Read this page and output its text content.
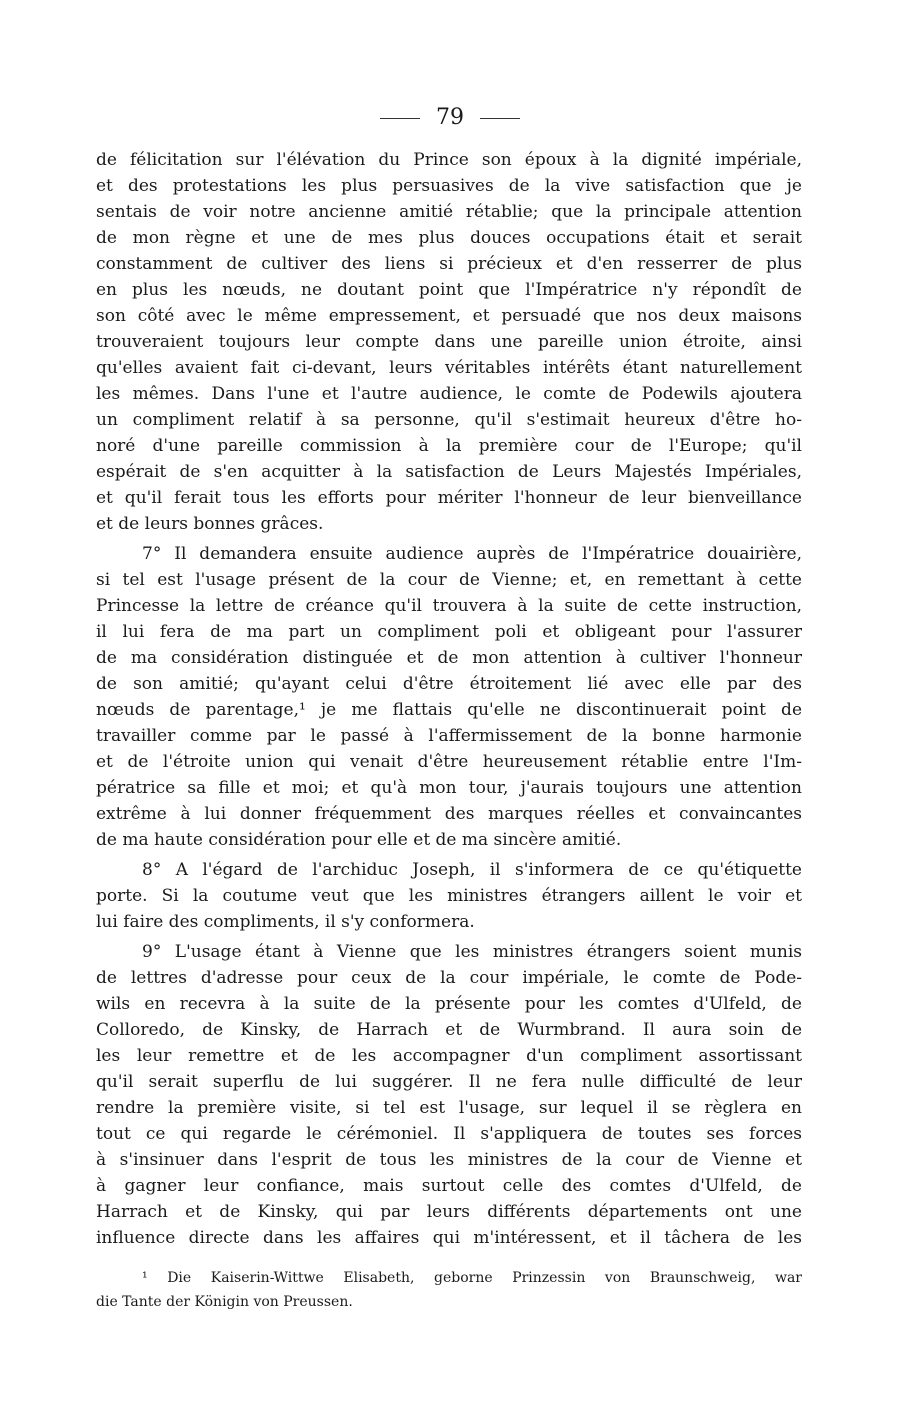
79
de félicitation sur l'élévation du Prince son époux à la dignité impériale,
et des protestations les plus persuasives de la vive satisfaction que je
sentais de voir notre ancienne amitié rétablie; que la principale attention
de mon règne et une de mes plus douces occupations était et serait
constamment de cultiver des liens si précieux et d'en resserrer de plus
en plus les nœuds, ne doutant point que l'Impératrice n'y répondît de
son côté avec le même empressement, et persuadé que nos deux maisons
trouveraient toujours leur compte dans une pareille union étroite, ainsi
qu'elles avaient fait ci-devant, leurs véritables intérêts étant naturellement
les mêmes. Dans l'une et l'autre audience, le comte de Podewils ajoutera
un compliment relatif à sa personne, qu'il s'estimait heureux d'être ho-
noré d'une pareille commission à la première cour de l'Europe; qu'il
espérait de s'en acquitter à la satisfaction de Leurs Majestés Impériales,
et qu'il ferait tous les efforts pour mériter l'honneur de leur bienveillance
et de leurs bonnes grâces.
7° Il demandera ensuite audience auprès de l'Impératrice douairière,
si tel est l'usage présent de la cour de Vienne; et, en remettant à cette
Princesse la lettre de créance qu'il trouvera à la suite de cette instruction,
il lui fera de ma part un compliment poli et obligeant pour l'assurer
de ma considération distinguée et de mon attention à cultiver l'honneur
de son amitié; qu'ayant celui d'être étroitement lié avec elle par des
nœuds de parentage,¹ je me flattais qu'elle ne discontinuerait point de
travailler comme par le passé à l'affermissement de la bonne harmonie
et de l'étroite union qui venait d'être heureusement rétablie entre l'Im-
pératrice sa fille et moi; et qu'à mon tour, j'aurais toujours une attention
extrême à lui donner fréquemment des marques réelles et convaincantes
de ma haute considération pour elle et de ma sincère amitié.
8° A l'égard de l'archiduc Joseph, il s'informera de ce qu'étiquette
porte. Si la coutume veut que les ministres étrangers aillent le voir et
lui faire des compliments, il s'y conformera.
9° L'usage étant à Vienne que les ministres étrangers soient munis
de lettres d'adresse pour ceux de la cour impériale, le comte de Pode-
wils en recevra à la suite de la présente pour les comtes d'Ulfeld, de
Colloredo, de Kinsky, de Harrach et de Wurmbrand. Il aura soin de
les leur remettre et de les accompagner d'un compliment assortissant
qu'il serait superflu de lui suggérer. Il ne fera nulle difficulté de leur
rendre la première visite, si tel est l'usage, sur lequel il se règlera en
tout ce qui regarde le cérémoniel. Il s'appliquera de toutes ses forces
à s'insinuer dans l'esprit de tous les ministres de la cour de Vienne et
à gagner leur confiance, mais surtout celle des comtes d'Ulfeld, de
Harrach et de Kinsky, qui par leurs différents départements ont une
influence directe dans les affaires qui m'intéressent, et il tâchera de les
¹ Die Kaiserin-Wittwe Elisabeth, geborne Prinzessin von Braunschweig, war
die Tante der Königin von Preussen.
